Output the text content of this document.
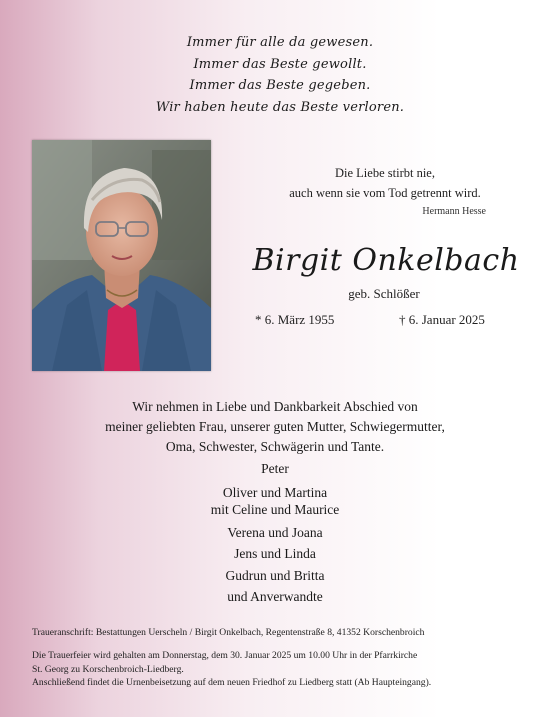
Immer für alle da gewesen.
Immer das Beste gewollt.
Immer das Beste gegeben.
Wir haben heute das Beste verloren.
Die Liebe stirbt nie,
auch wenn sie vom Tod getrennt wird.
Hermann Hesse
Birgit Onkelbach
geb. Schlößer
* 6. März 1955	† 6. Januar 2025
Wir nehmen in Liebe und Dankbarkeit Abschied von
meiner geliebten Frau, unserer guten Mutter, Schwiegermutter,
Oma, Schwester, Schwägerin und Tante.
Peter
Oliver und Martina
mit Celine und Maurice
Verena und Joana
Jens und Linda
Gudrun und Britta
und Anverwandte
Traueranschrift: Bestattungen Uerscheln / Birgit Onkelbach, Regentenstraße 8, 41352 Korschenbroich
Die Trauerfeier wird gehalten am Donnerstag, dem 30. Januar 2025 um 10.00 Uhr in der Pfarrkirche
St. Georg zu Korschenbroich-Liedberg.
Anschließend findet die Urnenbeisetzung auf dem neuen Friedhof zu Liedberg statt (Ab Haupteingang).
